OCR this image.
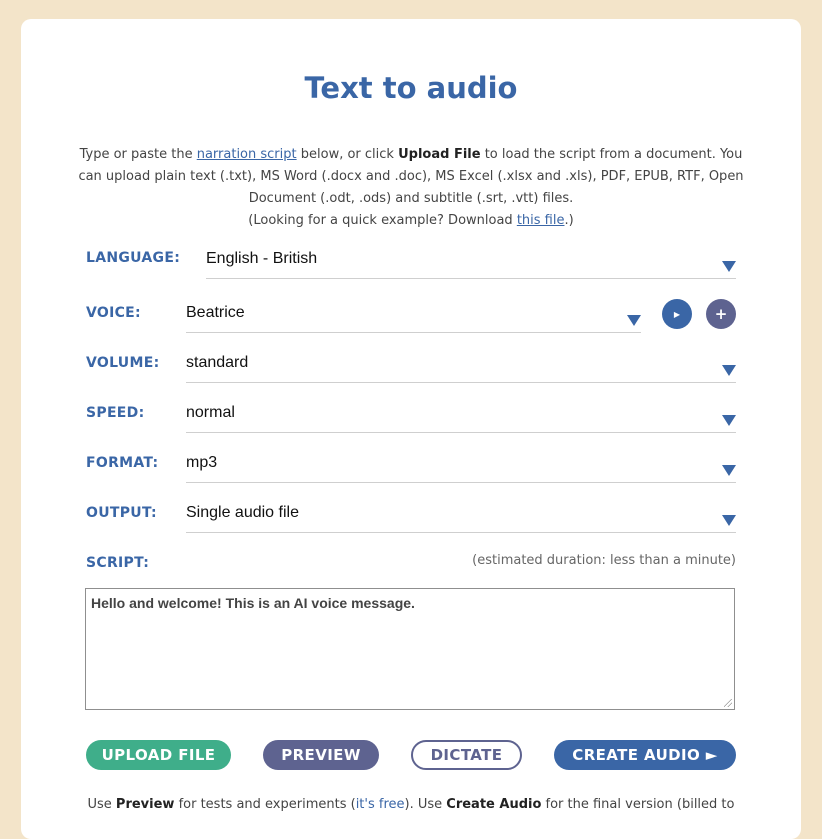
Text to audio
Type or paste the narration script below, or click Upload File to load the script from a document. You can upload plain text (.txt), MS Word (.docx and .doc), MS Excel (.xlsx and .xls), PDF, EPUB, RTF, Open Document (.odt, .ods) and subtitle (.srt, .vtt) files.
(Looking for a quick example? Download this file.)
LANGUAGE: English - British
VOICE:	Beatrice	▶ +
VOLUME: standard
SPEED:	normal
FORMAT: mp3
OUTPUT: Single audio file
SCRIPT:	(estimated duration: less than a minute)
Hello and welcome! This is an AI voice message.
UPLOAD FILE	PREVIEW	DICTATE	CREATE AUDIO ►
Use Preview for tests and experiments (it's free). Use Create Audio for the final version (billed to
